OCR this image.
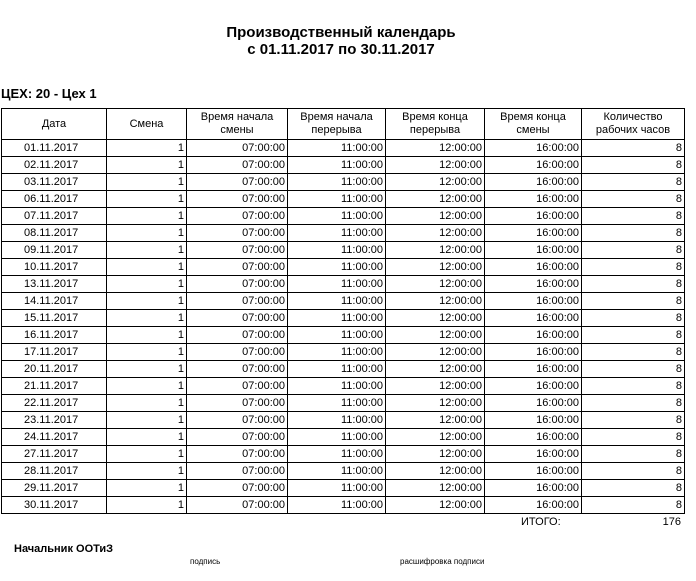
Производственный календарь
с 01.11.2017 по 30.11.2017
ЦЕХ: 20 - Цех 1
Дата	Смена	Время начала смены	Время начала перерыва	Время конца перерыва	Время конца смены	Количество рабочих часов
01.11.2017	1	07:00:00	11:00:00	12:00:00	16:00:00	8
02.11.2017	1	07:00:00	11:00:00	12:00:00	16:00:00	8
03.11.2017	1	07:00:00	11:00:00	12:00:00	16:00:00	8
06.11.2017	1	07:00:00	11:00:00	12:00:00	16:00:00	8
07.11.2017	1	07:00:00	11:00:00	12:00:00	16:00:00	8
08.11.2017	1	07:00:00	11:00:00	12:00:00	16:00:00	8
09.11.2017	1	07:00:00	11:00:00	12:00:00	16:00:00	8
10.11.2017	1	07:00:00	11:00:00	12:00:00	16:00:00	8
13.11.2017	1	07:00:00	11:00:00	12:00:00	16:00:00	8
14.11.2017	1	07:00:00	11:00:00	12:00:00	16:00:00	8
15.11.2017	1	07:00:00	11:00:00	12:00:00	16:00:00	8
16.11.2017	1	07:00:00	11:00:00	12:00:00	16:00:00	8
17.11.2017	1	07:00:00	11:00:00	12:00:00	16:00:00	8
20.11.2017	1	07:00:00	11:00:00	12:00:00	16:00:00	8
21.11.2017	1	07:00:00	11:00:00	12:00:00	16:00:00	8
22.11.2017	1	07:00:00	11:00:00	12:00:00	16:00:00	8
23.11.2017	1	07:00:00	11:00:00	12:00:00	16:00:00	8
24.11.2017	1	07:00:00	11:00:00	12:00:00	16:00:00	8
27.11.2017	1	07:00:00	11:00:00	12:00:00	16:00:00	8
28.11.2017	1	07:00:00	11:00:00	12:00:00	16:00:00	8
29.11.2017	1	07:00:00	11:00:00	12:00:00	16:00:00	8
30.11.2017	1	07:00:00	11:00:00	12:00:00	16:00:00	8
ИТОГО:	176
Начальник ООТиЗ
подпись	расшифровка подписи
